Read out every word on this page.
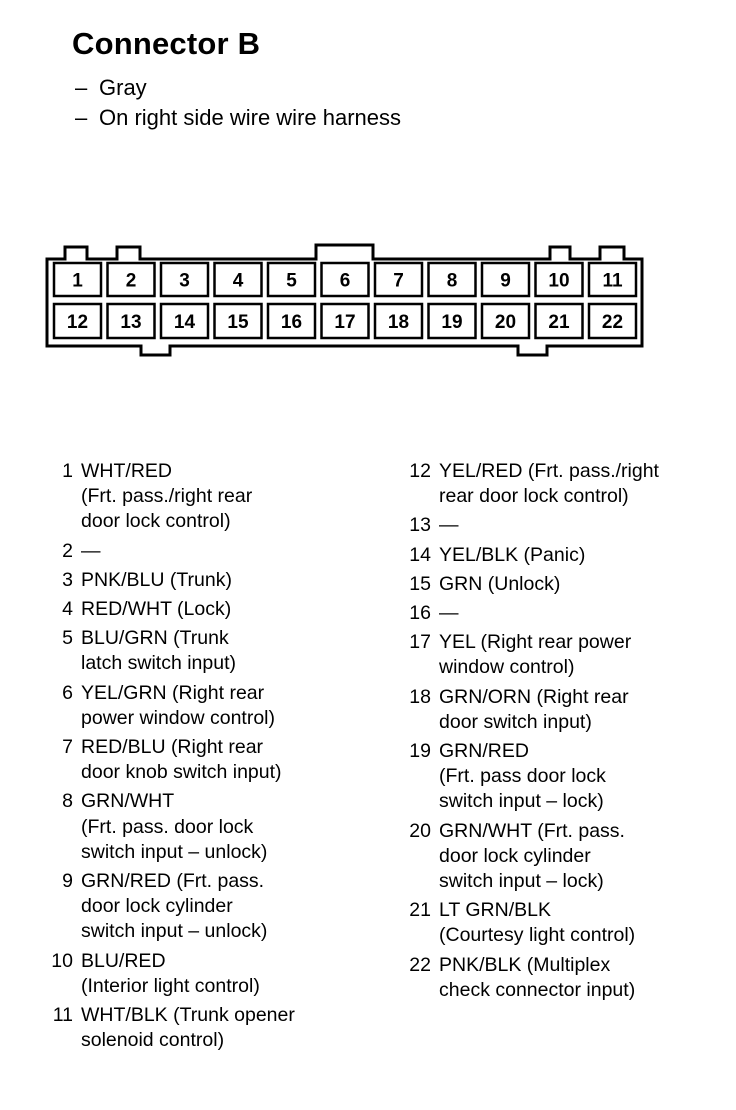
Connector B
– Gray
– On right side wire wire harness
1 2 3 4 5 6 7 8 9 10 11
12 13 14 15 16 17 18 19 20 21 22
1 WHT/RED
(Frt. pass./right rear
door lock control)
2 —
3 PNK/BLU (Trunk)
4 RED/WHT (Lock)
5 BLU/GRN (Trunk
latch switch input)
6 YEL/GRN (Right rear
power window control)
7 RED/BLU (Right rear
door knob switch input)
8 GRN/WHT
(Frt. pass. door lock
switch input – unlock)
9 GRN/RED (Frt. pass.
door lock cylinder
switch input – unlock)
10 BLU/RED
(Interior light control)
11 WHT/BLK (Trunk opener
solenoid control)
12 YEL/RED (Frt. pass./right
rear door lock control)
13 —
14 YEL/BLK (Panic)
15 GRN (Unlock)
16 —
17 YEL (Right rear power
window control)
18 GRN/ORN (Right rear
door switch input)
19 GRN/RED
(Frt. pass door lock
switch input – lock)
20 GRN/WHT (Frt. pass.
door lock cylinder
switch input – lock)
21 LT GRN/BLK
(Courtesy light control)
22 PNK/BLK (Multiplex
check connector input)
